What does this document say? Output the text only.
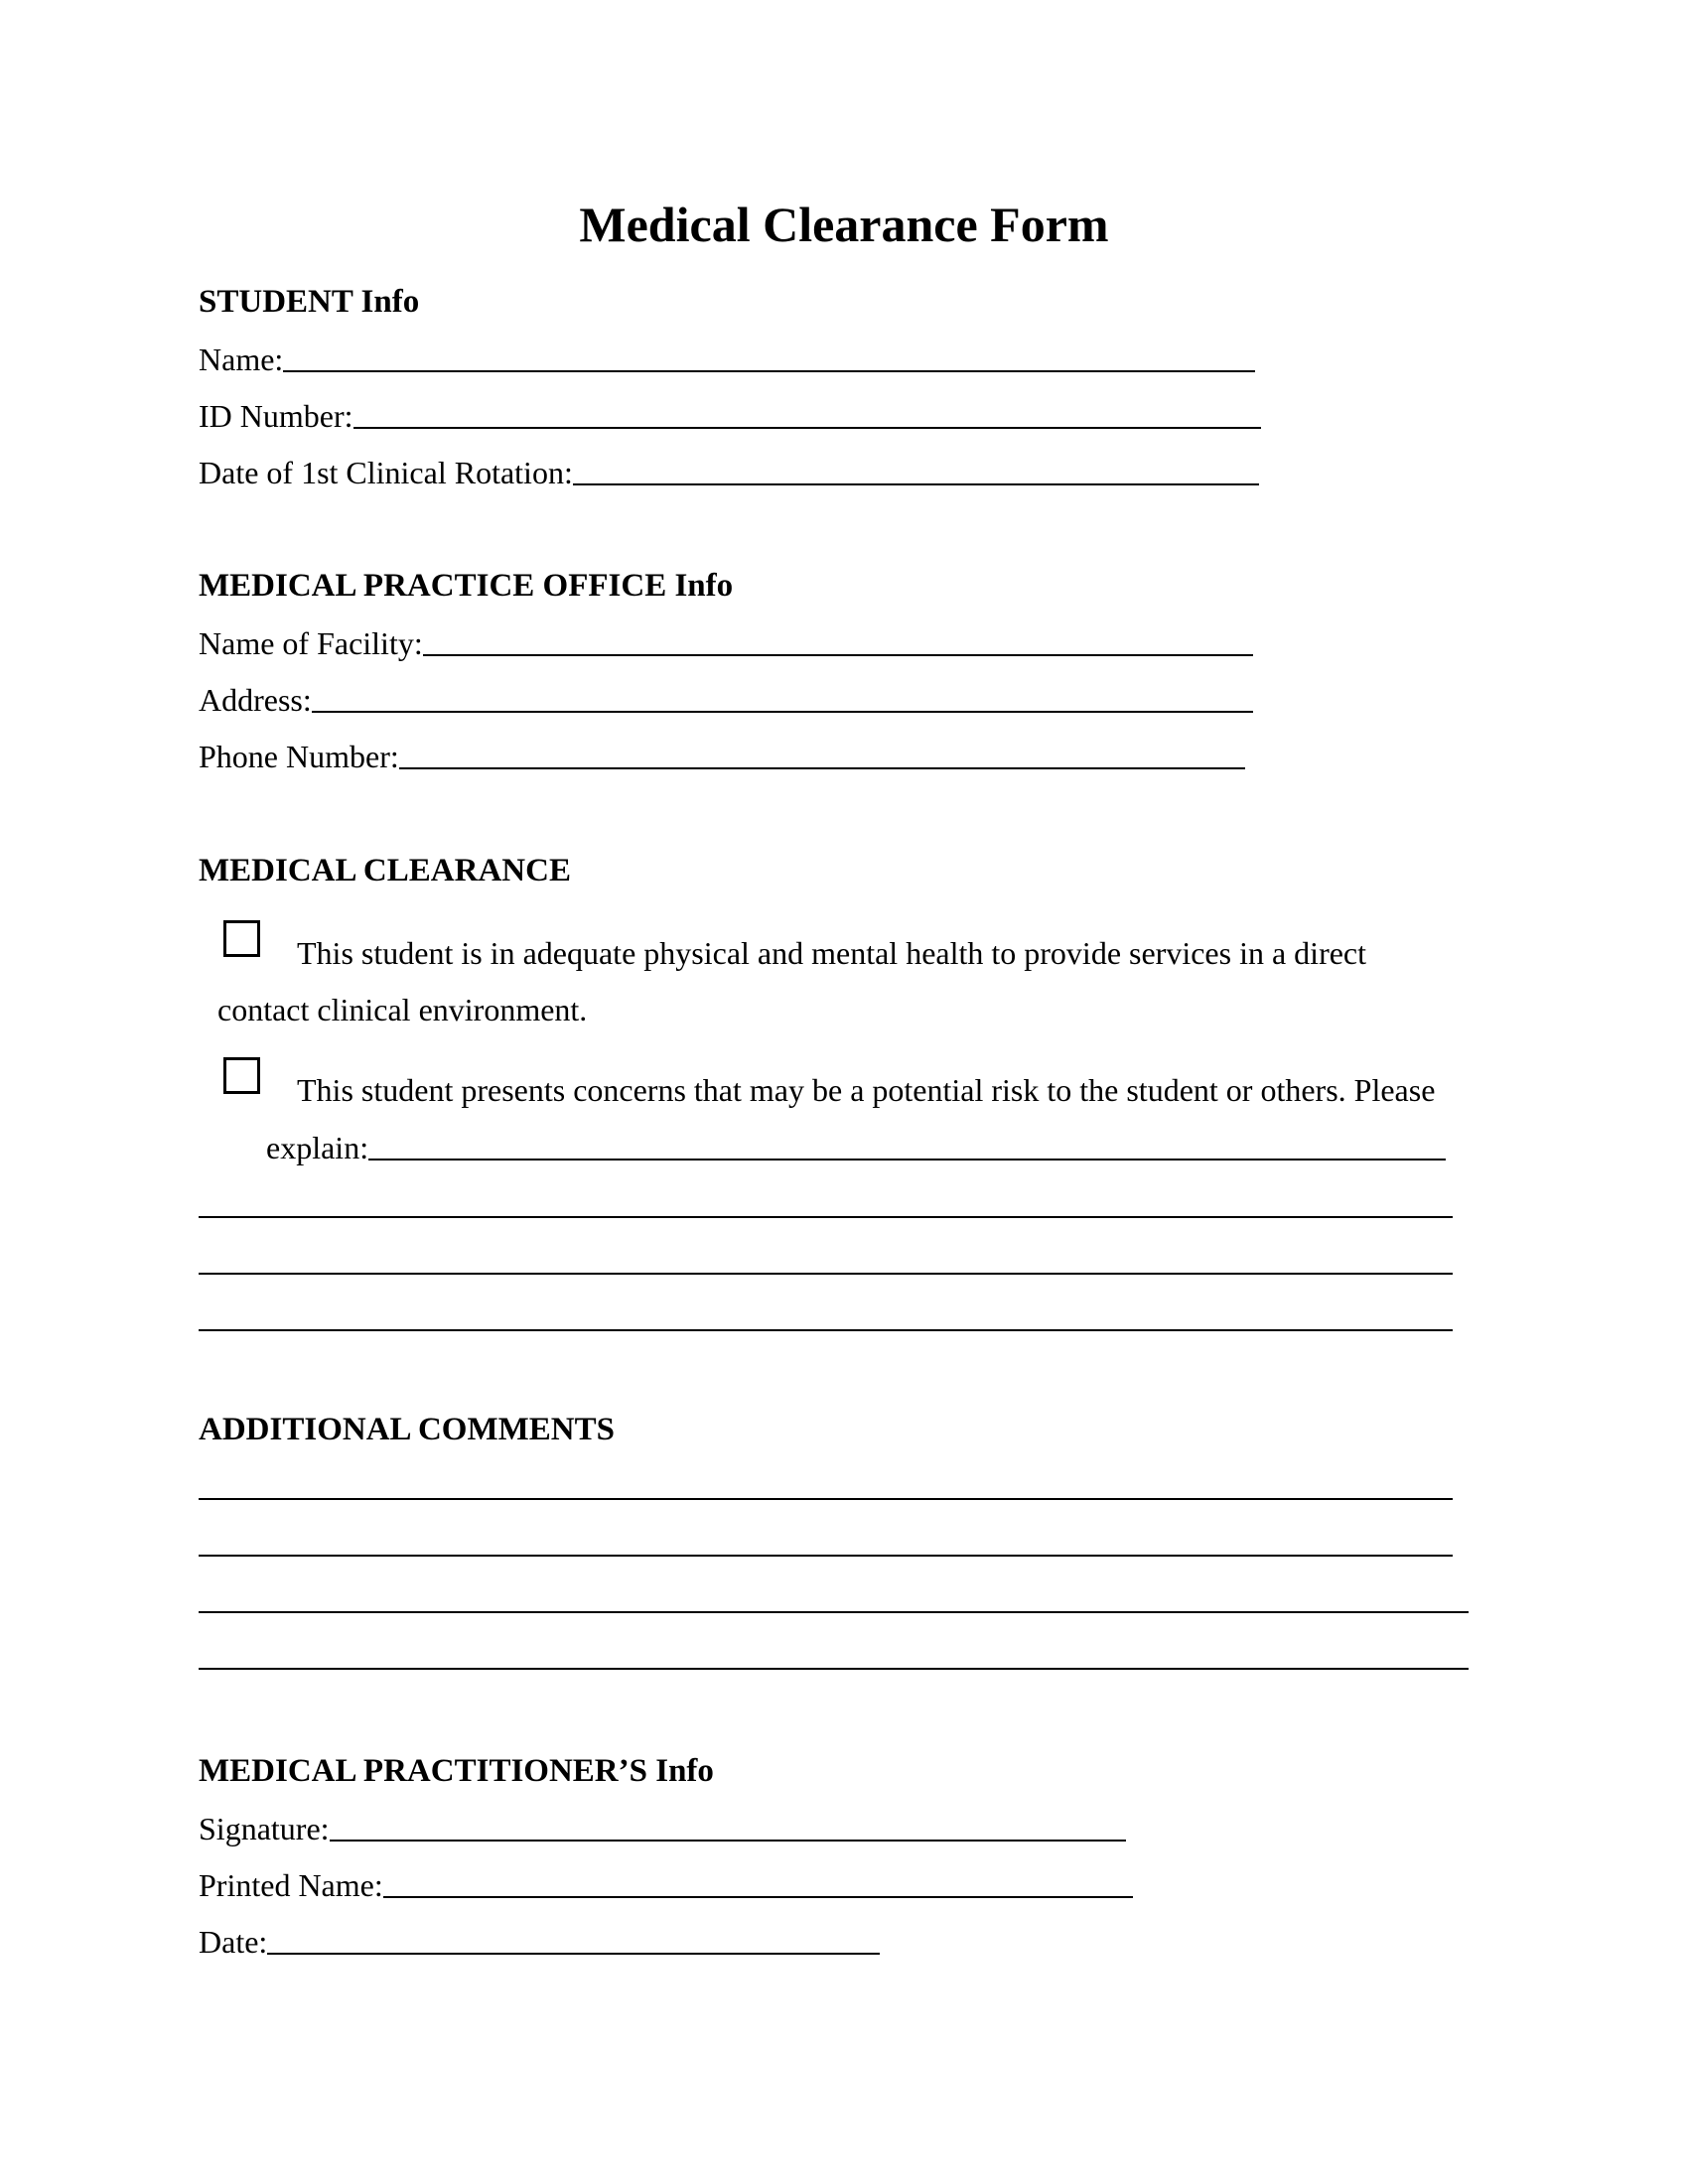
Medical Clearance Form
STUDENT Info
Name:
ID Number:
Date of 1st Clinical Rotation:
MEDICAL PRACTICE OFFICE Info
Name of Facility:
Address:
Phone Number:
MEDICAL CLEARANCE

This student is in adequate physical and mental health to provide services in a direct

contact clinical environment.

This student presents concerns that may be a potential risk to the student or others. Please

explain:
ADDITIONAL COMMENTS
MEDICAL PRACTITIONER’S Info
Signature:
Printed Name:
Date:
